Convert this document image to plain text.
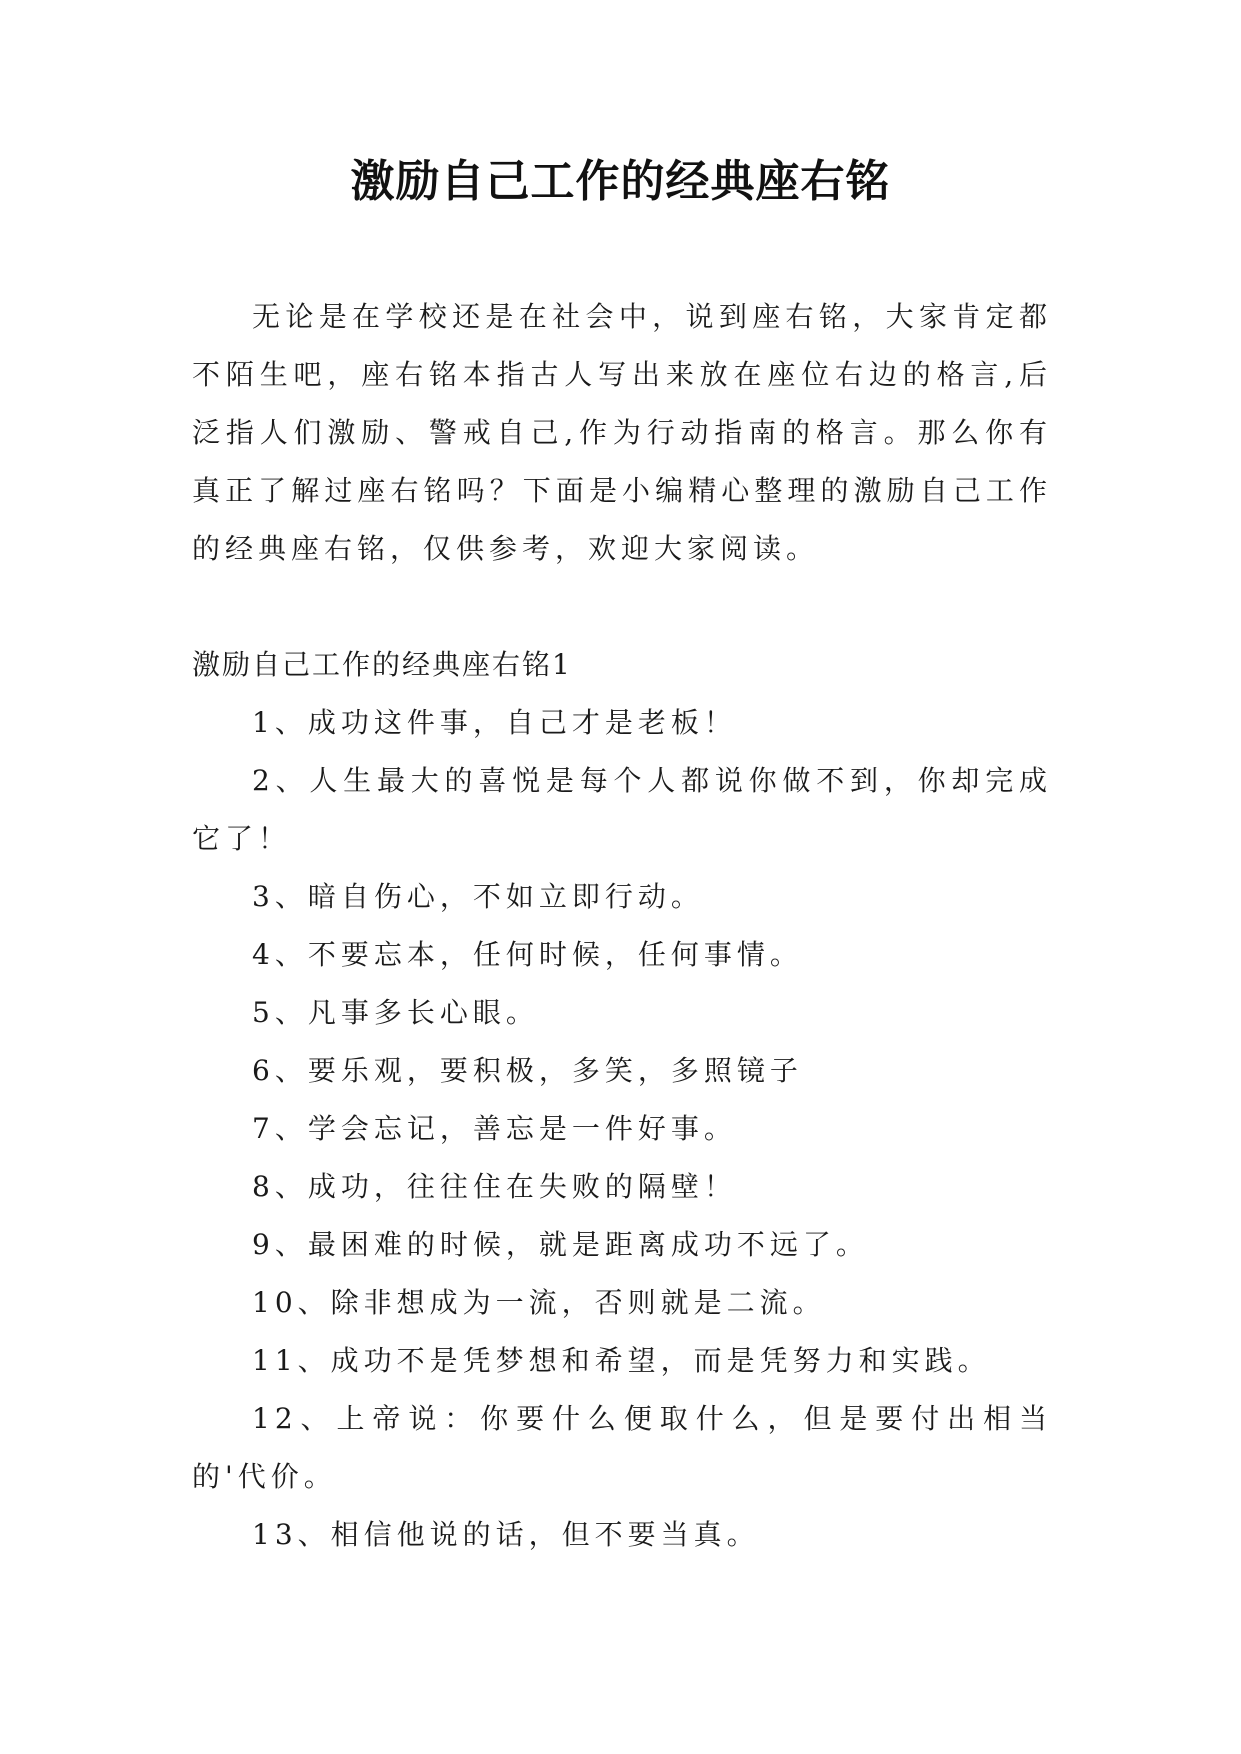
激励自己工作的经典座右铭

无论是在学校还是在社会中，说到座右铭，大家肯定都不陌生吧，座右铭本指古人写出来放在座位右边的格言,后泛指人们激励、警戒自己,作为行动指南的格言。那么你有真正了解过座右铭吗？下面是小编精心整理的激励自己工作的经典座右铭，仅供参考，欢迎大家阅读。

激励自己工作的经典座右铭1

1、成功这件事，自己才是老板！
2、人生最大的喜悦是每个人都说你做不到，你却完成它了！
3、暗自伤心，不如立即行动。
4、不要忘本，任何时候，任何事情。
5、凡事多长心眼。
6、要乐观，要积极，多笑，多照镜子
7、学会忘记，善忘是一件好事。
8、成功，往往住在失败的隔壁！
9、最困难的时候，就是距离成功不远了。
10、除非想成为一流，否则就是二流。
11、成功不是凭梦想和希望，而是凭努力和实践。
12、上帝说：你要什么便取什么，但是要付出相当的'代价。
13、相信他说的话，但不要当真。
